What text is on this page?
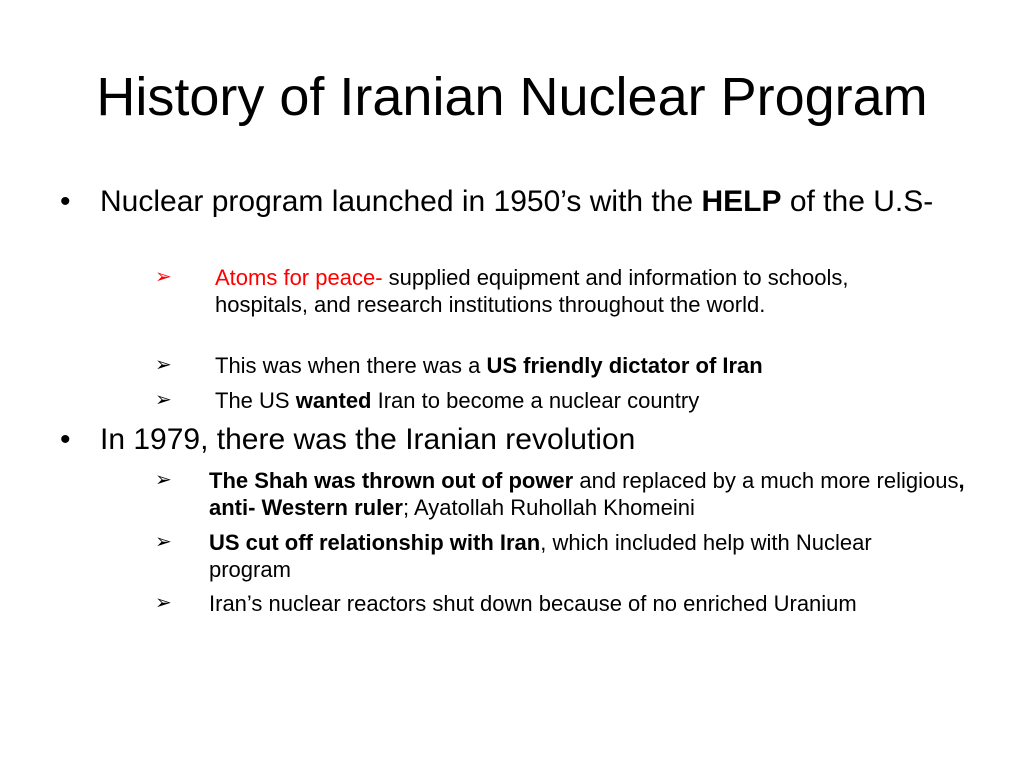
History of Iranian Nuclear Program
• Nuclear program launched in 1950’s with the HELP of the U.S-
➢ Atoms for peace- supplied equipment and information to schools, hospitals, and research institutions throughout the world.
➢ This was when there was a US friendly dictator of Iran
➢ The US wanted Iran to become a nuclear country
• In 1979, there was the Iranian revolution
➢ The Shah was thrown out of power and replaced by a much more religious, anti- Western ruler; Ayatollah Ruhollah Khomeini
➢ US cut off relationship with Iran, which included help with Nuclear program
➢ Iran’s nuclear reactors shut down because of no enriched Uranium
